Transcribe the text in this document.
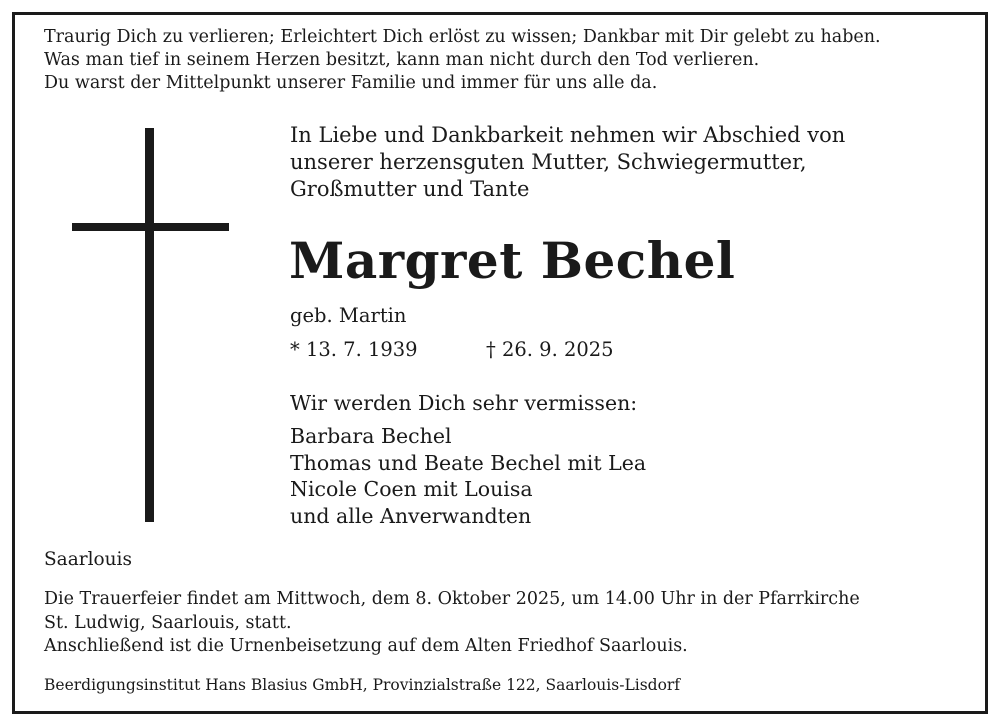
Traurig Dich zu verlieren; Erleichtert Dich erlöst zu wissen; Dankbar mit Dir gelebt zu haben.
Was man tief in seinem Herzen besitzt, kann man nicht durch den Tod verlieren.
Du warst der Mittelpunkt unserer Familie und immer für uns alle da.
In Liebe und Dankbarkeit nehmen wir Abschied von
unserer herzensguten Mutter, Schwiegermutter,
Großmutter und Tante
Margret Bechel
geb. Martin
* 13. 7. 1939	† 26. 9. 2025
Wir werden Dich sehr vermissen:
Barbara Bechel
Thomas und Beate Bechel mit Lea
Nicole Coen mit Louisa
und alle Anverwandten
Saarlouis
Die Trauerfeier findet am Mittwoch, dem 8. Oktober 2025, um 14.00 Uhr in der Pfarrkirche
St. Ludwig, Saarlouis, statt.
Anschließend ist die Urnenbeisetzung auf dem Alten Friedhof Saarlouis.
Beerdigungsinstitut Hans Blasius GmbH, Provinzialstraße 122, Saarlouis-Lisdorf
